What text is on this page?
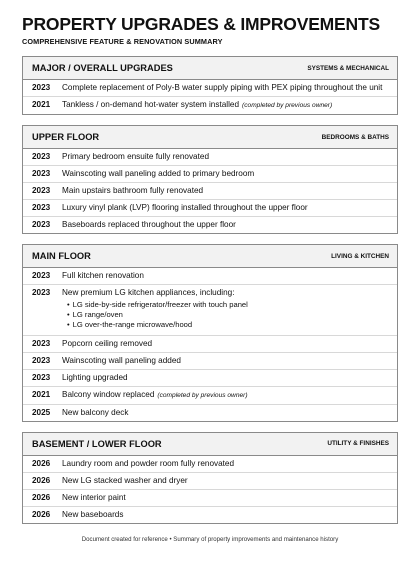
PROPERTY UPGRADES & IMPROVEMENTS
COMPREHENSIVE FEATURE & RENOVATION SUMMARY
MAJOR / OVERALL UPGRADES	SYSTEMS & MECHANICAL
2023	Complete replacement of Poly-B water supply piping with PEX piping throughout the unit
2021	Tankless / on-demand hot-water system installed (completed by previous owner)
UPPER FLOOR	BEDROOMS & BATHS
2023	Primary bedroom ensuite fully renovated
2023	Wainscoting wall paneling added to primary bedroom
2023	Main upstairs bathroom fully renovated
2023	Luxury vinyl plank (LVP) flooring installed throughout the upper floor
2023	Baseboards replaced throughout the upper floor
MAIN FLOOR	LIVING & KITCHEN
2023	Full kitchen renovation
2023	New premium LG kitchen appliances, including:
• LG side-by-side refrigerator/freezer with touch panel
• LG range/oven
• LG over-the-range microwave/hood
2023	Popcorn ceiling removed
2023	Wainscoting wall paneling added
2023	Lighting upgraded
2021	Balcony window replaced (completed by previous owner)
2025	New balcony deck
BASEMENT / LOWER FLOOR	UTILITY & FINISHES
2026	Laundry room and powder room fully renovated
2026	New LG stacked washer and dryer
2026	New interior paint
2026	New baseboards
Document created for reference • Summary of property improvements and maintenance history
